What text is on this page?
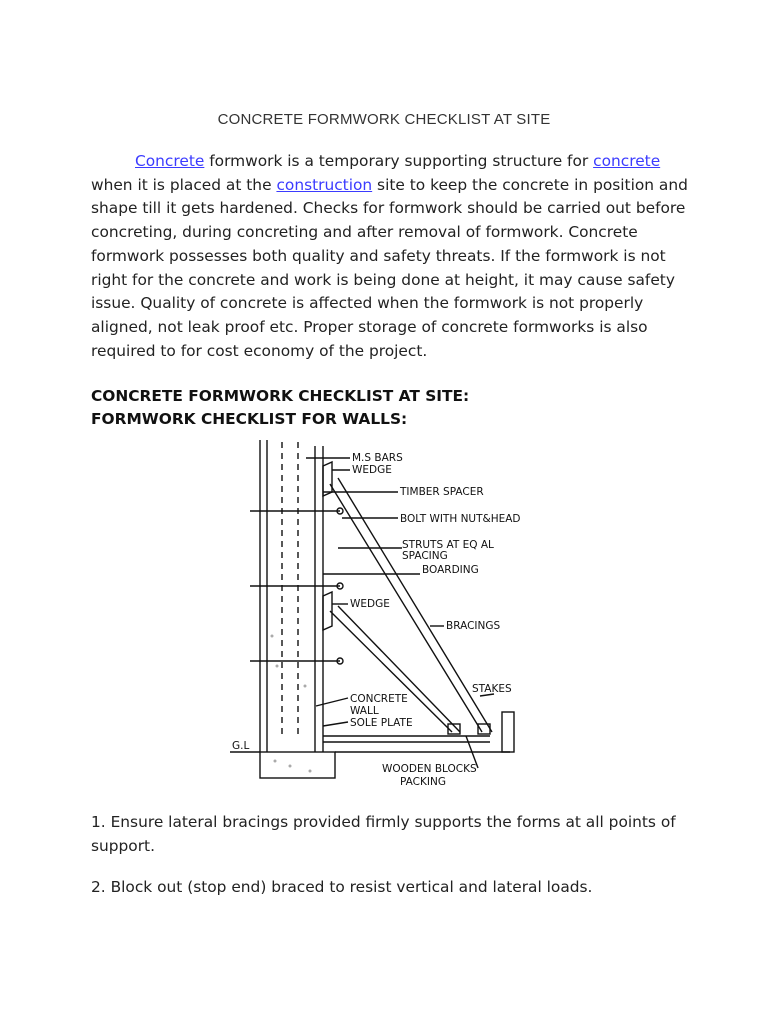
CONCRETE FORMWORK CHECKLIST AT SITE
Concrete formwork is a temporary supporting structure for concrete when it is placed at the construction site to keep the concrete in position and shape till it gets hardened. Checks for formwork should be carried out before concreting, during concreting and after removal of formwork. Concrete formwork possesses both quality and safety threats. If the formwork is not right for the concrete and work is being done at height, it may cause safety issue. Quality of concrete is affected when the formwork is not properly aligned, not leak proof etc. Proper storage of concrete formworks is also required to for cost economy of the project.
CONCRETE FORMWORK CHECKLIST AT SITE:
FORMWORK CHECKLIST FOR WALLS:
M.S BARS
WEDGE
TIMBER SPACER
BOLT WITH NUT&HEAD
STRUTS AT EQ AL
SPACING
BOARDING
WEDGE
BRACINGS
STAKES
CONCRETE
WALL
SOLE PLATE
G.L
WOODEN BLOCKS
PACKING
1. Ensure lateral bracings provided firmly supports the forms at all points of support.
2. Block out (stop end) braced to resist vertical and lateral loads.
